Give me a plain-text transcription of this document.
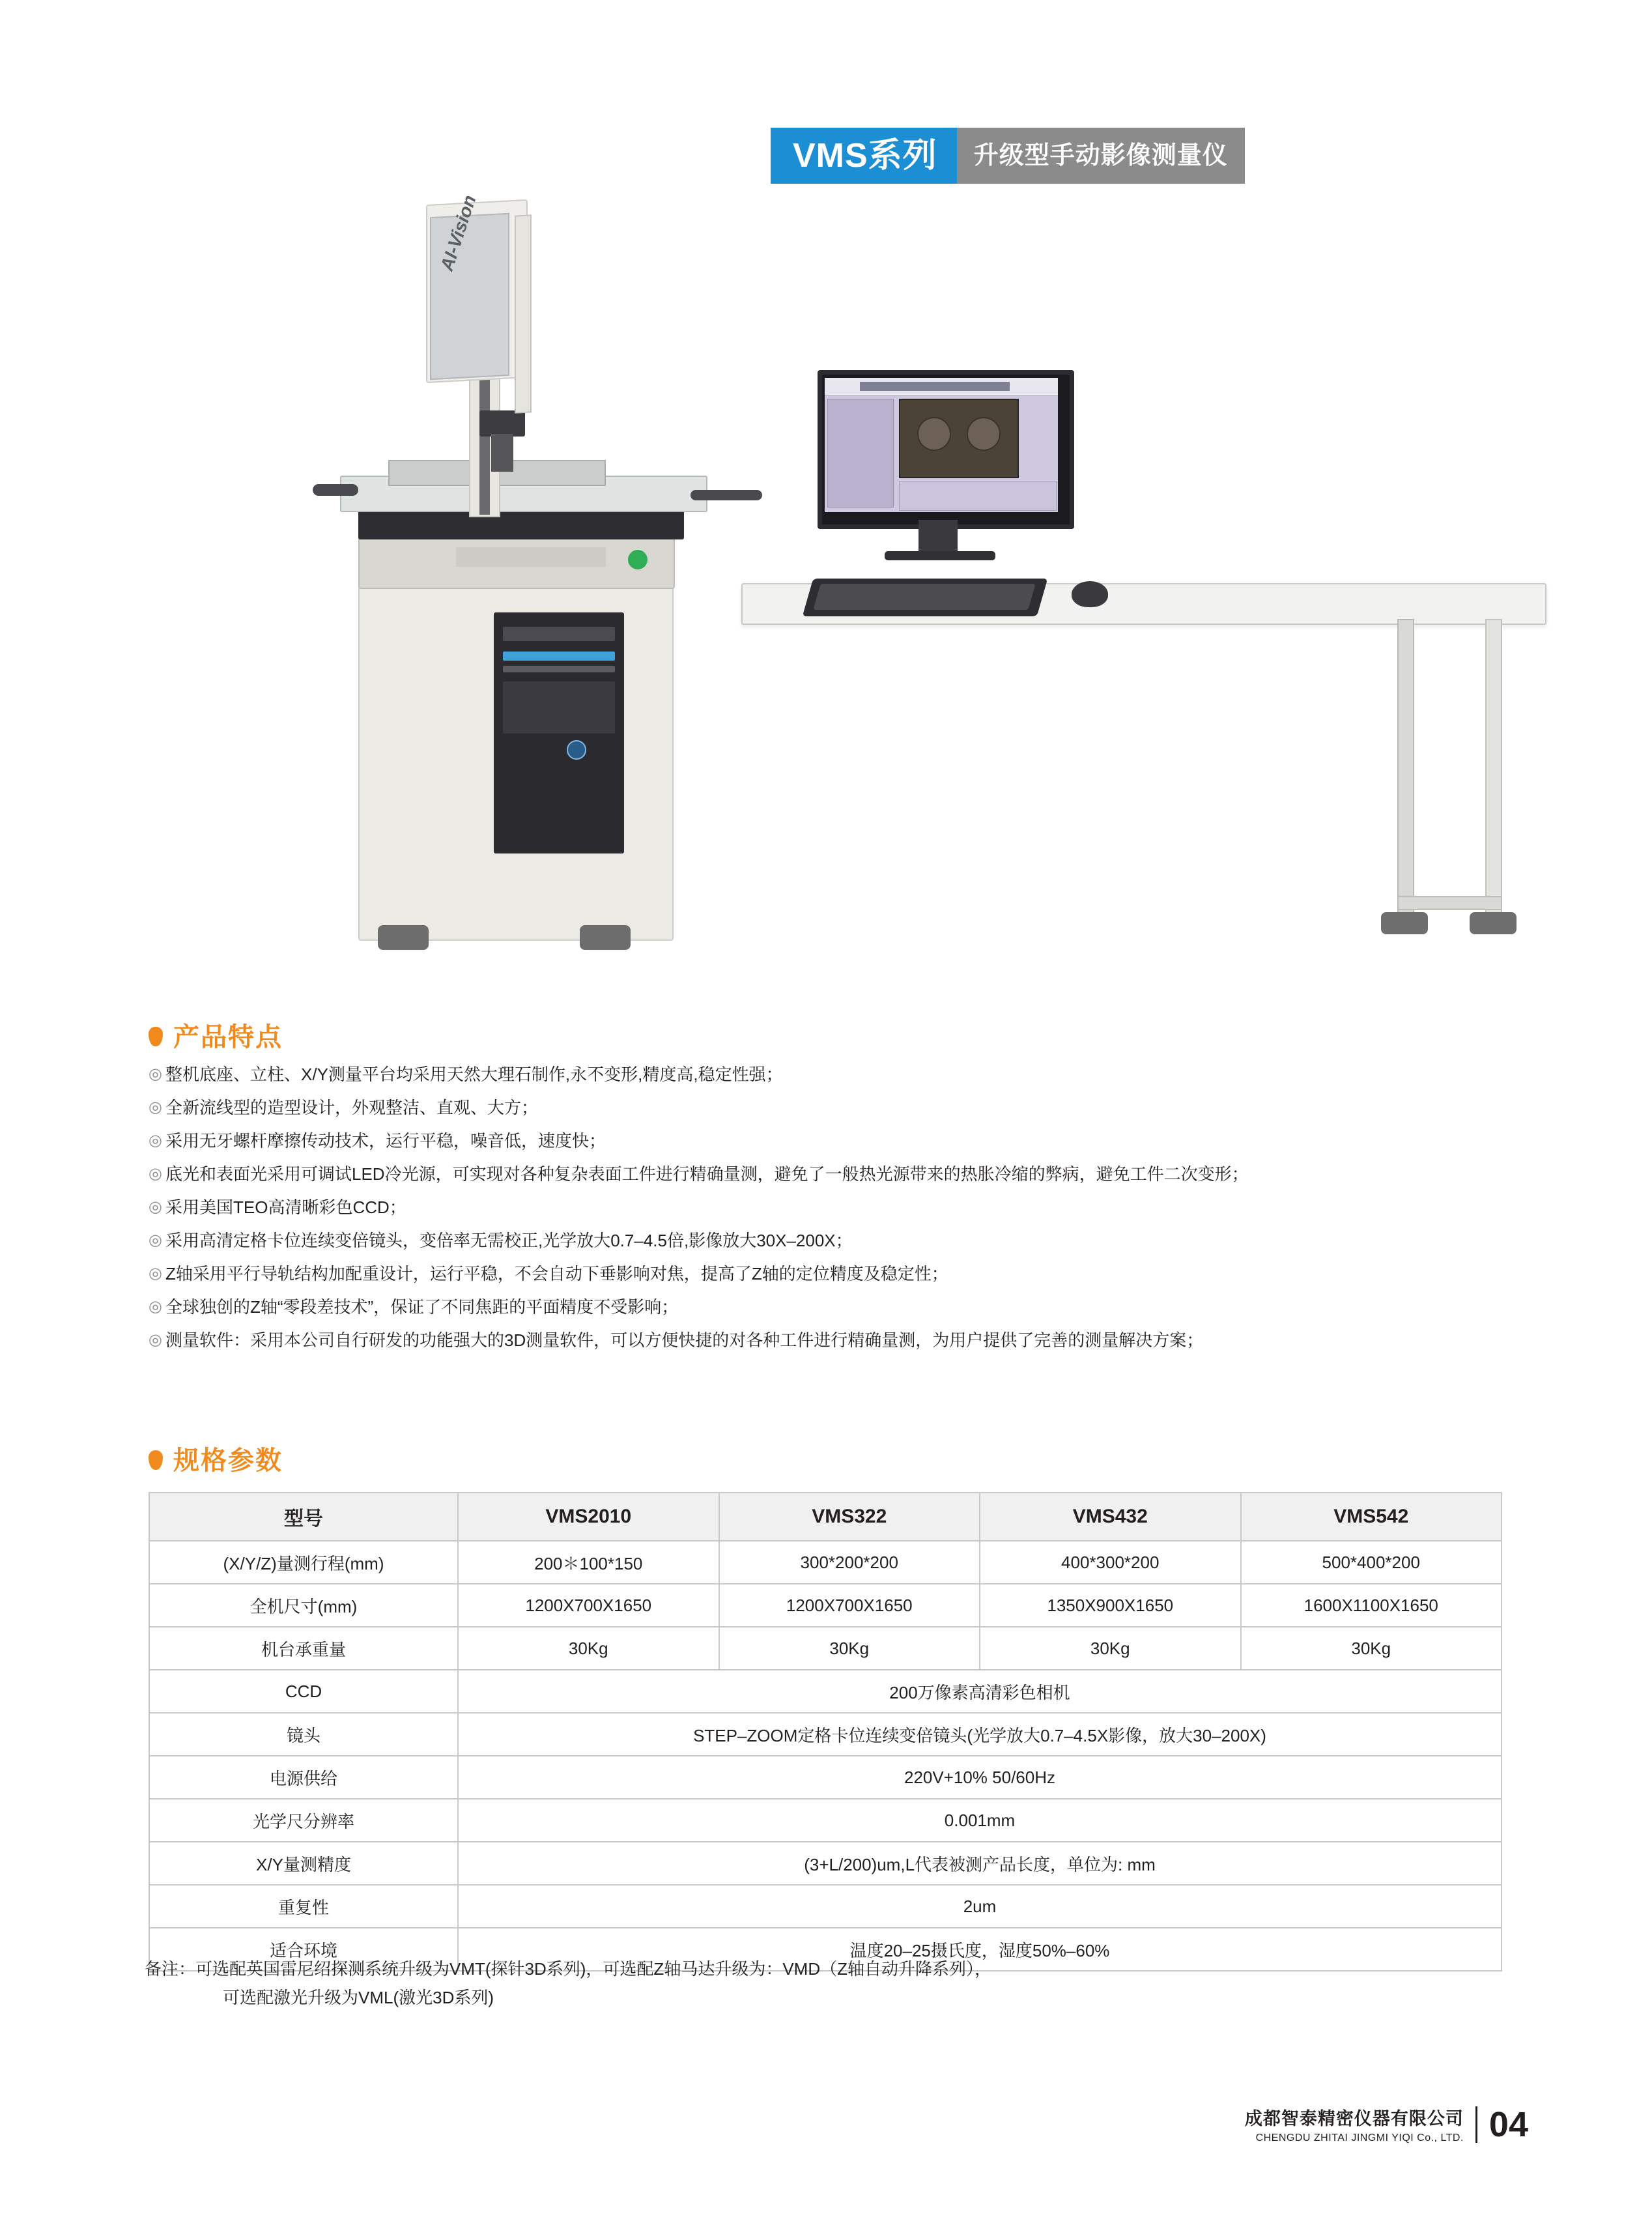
VMS系列 升级型手动影像测量仪
AI-Vision
产品特点
◎ 整机底座、立柱、X/Y测量平台均采用天然大理石制作,永不变形,精度高,稳定性强；
◎ 全新流线型的造型设计，外观整洁、直观、大方；
◎ 采用无牙螺杆摩擦传动技术，运行平稳，噪音低，速度快；
◎ 底光和表面光采用可调试LED冷光源，可实现对各种复杂表面工件进行精确量测，避免了一般热光源带来的热胀冷缩的弊病，避免工件二次变形；
◎ 采用美国TEO高清晰彩色CCD；
◎ 采用高清定格卡位连续变倍镜头，变倍率无需校正,光学放大0.7–4.5倍,影像放大30X–200X；
◎ Z轴采用平行导轨结构加配重设计，运行平稳，不会自动下垂影响对焦，提高了Z轴的定位精度及稳定性；
◎ 全球独创的Z轴“零段差技术”，保证了不同焦距的平面精度不受影响；
◎ 测量软件：采用本公司自行研发的功能强大的3D测量软件，可以方便快捷的对各种工件进行精确量测，为用户提供了完善的测量解决方案；
规格参数
型号	VMS2010	VMS322	VMS432	VMS542
(X/Y/Z)量测行程(mm)	200＊100*150	300*200*200	400*300*200	500*400*200
全机尺寸(mm)	1200X700X1650	1200X700X1650	1350X900X1650	1600X1100X1650
机台承重量	30Kg	30Kg	30Kg	30Kg
CCD	200万像素高清彩色相机			
镜头	STEP–ZOOM定格卡位连续变倍镜头(光学放大0.7–4.5X影像，放大30–200X)			
电源供给	220V+10% 50/60Hz			
光学尺分辨率	0.001mm			
X/Y量测精度	(3+L/200)um,L代表被测产品长度，单位为: mm			
重复性	2um			
适合环境	温度20–25摄氏度，湿度50%–60%			
备注：可选配英国雷尼绍探测系统升级为VMT(探针3D系列)，可选配Z轴马达升级为：VMD（Z轴自动升降系列），
可选配激光升级为VML(激光3D系列)
成都智泰精密仪器有限公司
CHENGDU ZHITAI JINGMI YIQI Co., LTD. 04
